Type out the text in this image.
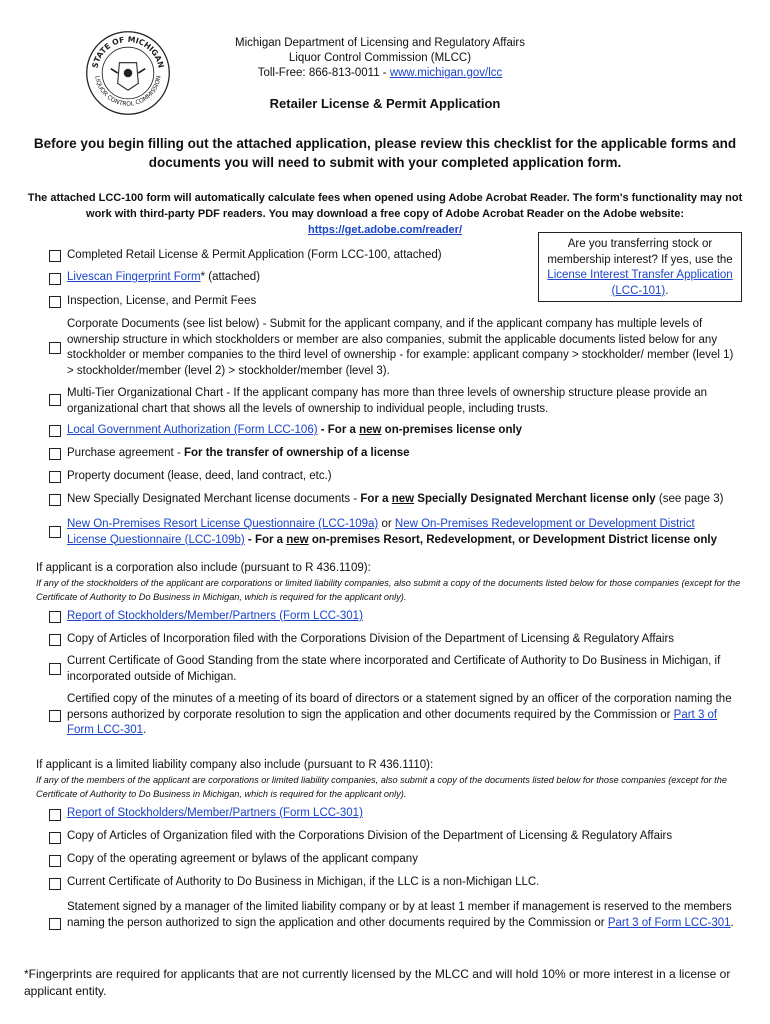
STATE OF MICHIGAN
LIQUOR CONTROL COMMISSION
Michigan Department of Licensing and Regulatory Affairs
Liquor Control Commission (MLCC)
Toll-Free: 866-813-0011 - www.michigan.gov/lcc
Retailer License & Permit Application
Before you begin filling out the attached application, please review this checklist for the applicable forms and documents you will need to submit with your completed application form.
The attached LCC-100 form will automatically calculate fees when opened using Adobe Acrobat Reader. The form's functionality may not work with third-party PDF readers. You may download a free copy of Adobe Acrobat Reader on the Adobe website:
https://get.adobe.com/reader/
Are you transferring stock or membership interest? If yes, use the License Interest Transfer Application (LCC-101).
Completed Retail License & Permit Application (Form LCC-100, attached)
Livescan Fingerprint Form* (attached)
Inspection, License, and Permit Fees
Corporate Documents (see list below) - Submit for the applicant company, and if the applicant company has multiple levels of ownership structure in which stockholders or member are also companies, submit the applicable documents listed below for any stockholder or member companies to the third level of ownership - for example: applicant company > stockholder/ member (level 1) > stockholder/member (level 2) > stockholder/member (level 3).
Multi-Tier Organizational Chart - If the applicant company has more than three levels of ownership structure please provide an organizational chart that shows all the levels of ownership to individual people, including trusts.
Local Government Authorization (Form LCC-106) - For a new on-premises license only
Purchase agreement - For the transfer of ownership of a license
Property document (lease, deed, land contract, etc.)
New Specially Designated Merchant license documents - For a new Specially Designated Merchant license only (see page 3)
New On-Premises Resort License Questionnaire (LCC-109a) or New On-Premises Redevelopment or Development District
License Questionnaire (LCC-109b) - For a new on-premises Resort, Redevelopment, or Development District license only
If applicant is a corporation also include (pursuant to R 436.1109):
If any of the stockholders of the applicant are corporations or limited liability companies, also submit a copy of the documents listed below for those companies (except for the Certificate of Authority to Do Business in Michigan, which is required for the applicant only).
Report of Stockholders/Member/Partners (Form LCC-301)
Copy of Articles of Incorporation filed with the Corporations Division of the Department of Licensing & Regulatory Affairs
Current Certificate of Good Standing from the state where incorporated and Certificate of Authority to Do Business in Michigan, if incorporated outside of Michigan.
Certified copy of the minutes of a meeting of its board of directors or a statement signed by an officer of the corporation naming the persons authorized by corporate resolution to sign the application and other documents required by the Commission or Part 3 of Form LCC-301.
If applicant is a limited liability company also include (pursuant to R 436.1110):
If any of the members of the applicant are corporations or limited liability companies, also submit a copy of the documents listed below for those companies (except for the Certificate of Authority to Do Business in Michigan, which is required for the applicant only).
Report of Stockholders/Member/Partners (Form LCC-301)
Copy of Articles of Organization filed with the Corporations Division of the Department of Licensing & Regulatory Affairs
Copy of the operating agreement or bylaws of the applicant company
Current Certificate of Authority to Do Business in Michigan, if the LLC is a non-Michigan LLC.
Statement signed by a manager of the limited liability company or by at least 1 member if management is reserved to the members naming the person authorized to sign the application and other documents required by the Commission or Part 3 of Form LCC-301.
*Fingerprints are required for applicants that are not currently licensed by the MLCC and will hold 10% or more interest in a license or applicant entity.
